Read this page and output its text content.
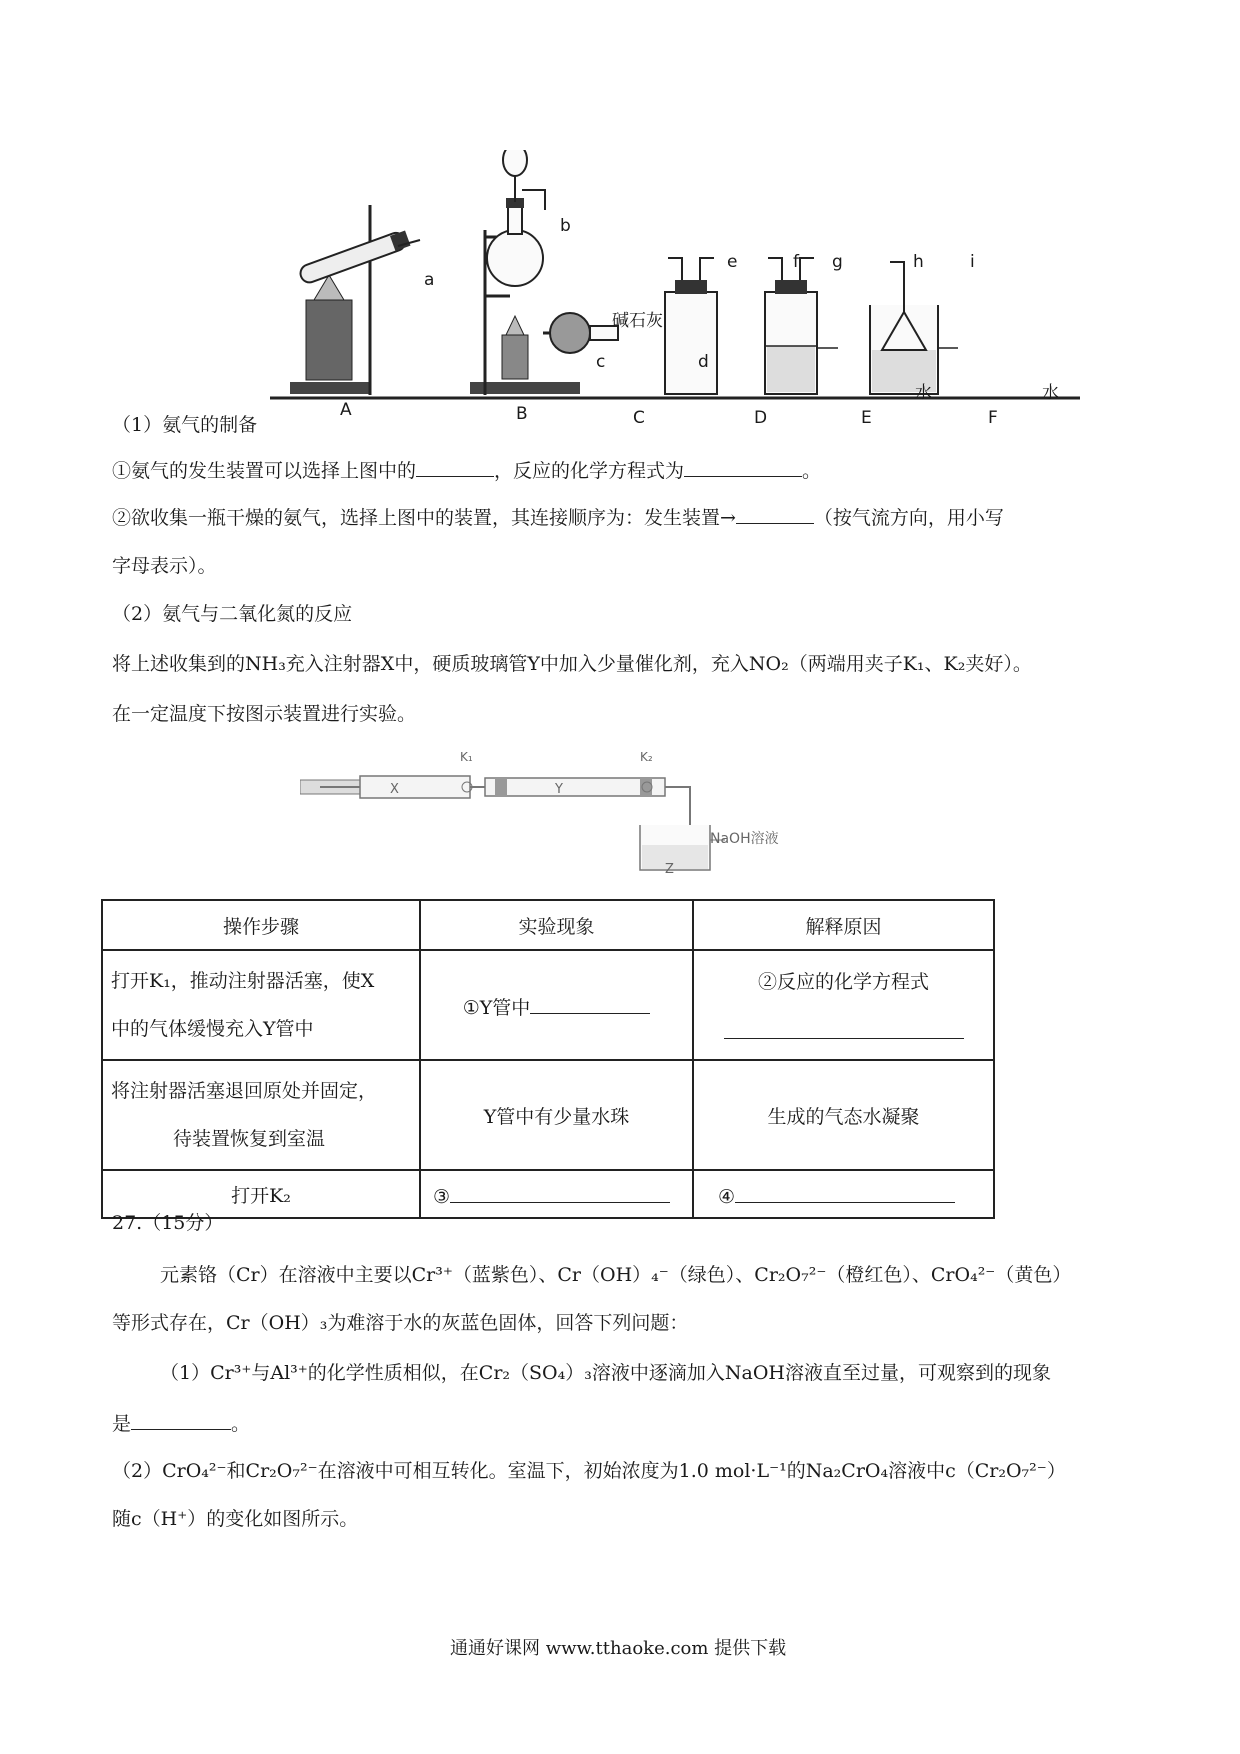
A	B	C	D	E	F
a
b
c	d
e	f g	h	i
碱石灰
水	水
（1）氨气的制备
①氨气的发生装置可以选择上图中的	，反应的化学方程式为	。
②欲收集一瓶干燥的氨气，选择上图中的装置，其连接顺序为：发生装置→	（按气流方向，用小写
字母表示）。
（2）氨气与二氧化氮的反应
将上述收集到的NH₃充入注射器X中，硬质玻璃管Y中加入少量催化剂，充入NO₂（两端用夹子K₁、K₂夹好）。
在一定温度下按图示装置进行实验。
X	Y
K₁	K₂
Z
NaOH溶液
操作步骤	实验现象	解释原因

打开K₁，推动注射器活塞，使X
中的气体缓慢充入Y管中	①Y管中	②反应的化学方程式

将注射器活塞退回原处并固定，
待装置恢复到室温	Y管中有少量水珠	生成的气态水凝聚
打开K₂	③	④
27.（15分）
元素铬（Cr）在溶液中主要以Cr³⁺（蓝紫色）、Cr（OH）₄⁻（绿色）、Cr₂O₇²⁻（橙红色）、CrO₄²⁻（黄色）
等形式存在，Cr（OH）₃为难溶于水的灰蓝色固体，回答下列问题：
（1）Cr³⁺与Al³⁺的化学性质相似，在Cr₂（SO₄）₃溶液中逐滴加入NaOH溶液直至过量，可观察到的现象
是	。
（2）CrO₄²⁻和Cr₂O₇²⁻在溶液中可相互转化。室温下，初始浓度为1.0 mol·L⁻¹的Na₂CrO₄溶液中c（Cr₂O₇²⁻）
随c（H⁺）的变化如图所示。
通通好课网 www.tthaoke.com 提供下载
